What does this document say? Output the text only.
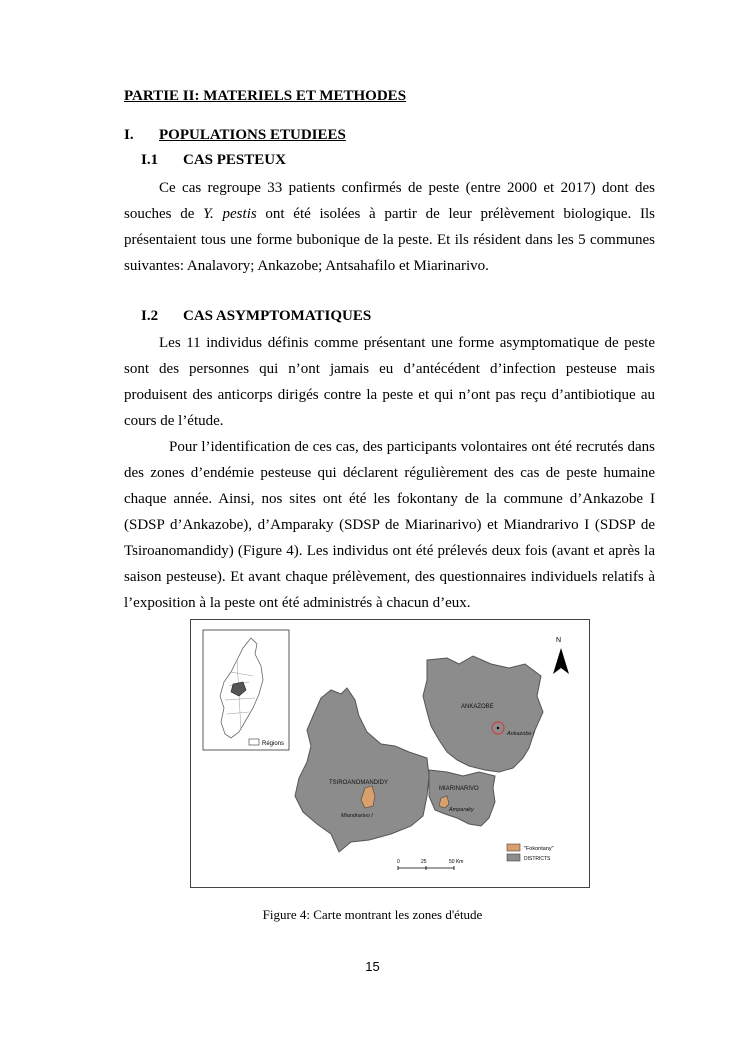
PARTIE II: MATERIELS ET METHODES
I. POPULATIONS ETUDIEES
I.1 CAS PESTEUX

Ce cas regroupe 33 patients confirmés de peste (entre 2000 et 2017) dont des souches de Y. pestis ont été isolées à partir de leur prélèvement biologique. Ils présentaient tous une forme bubonique de la peste. Et ils résident dans les 5 communes suivantes: Analavory; Ankazobe; Antsahafilo et Miarinarivo.

I.2 CAS ASYMPTOMATIQUES

Les 11 individus définis comme présentant une forme asymptomatique de peste sont des personnes qui n’ont jamais eu d’antécédent d’infection pesteuse mais produisent des anticorps dirigés contre la peste et qui n’ont pas reçu d’antibiotique au cours de l’étude.

Pour l’identification de ces cas, des participants volontaires ont été recrutés dans des zones d’endémie pesteuse qui déclarent régulièrement des cas de peste humaine chaque année. Ainsi, nos sites ont été les fokontany de la commune d’Ankazobe I (SDSP d’Ankazobe), d’Amparaky (SDSP de Miarinarivo) et Miandrarivo I (SDSP de Tsiroanomandidy) (Figure 4). Les individus ont été prélevés deux fois (avant et après la saison pesteuse). Et avant chaque prélèvement, des questionnaires individuels relatifs à l’exposition à la peste ont été administrés à chacun d’eux.

Régions
N
ANKAZOBE
Ankazobe I
TSIROANOMANDIDY
Miandrarivo I
MIARINARIVO
Amparaky
0	25	50 Km
"Fokontany"
DISTRICTS
Figure 4: Carte montrant les zones d'étude
15
